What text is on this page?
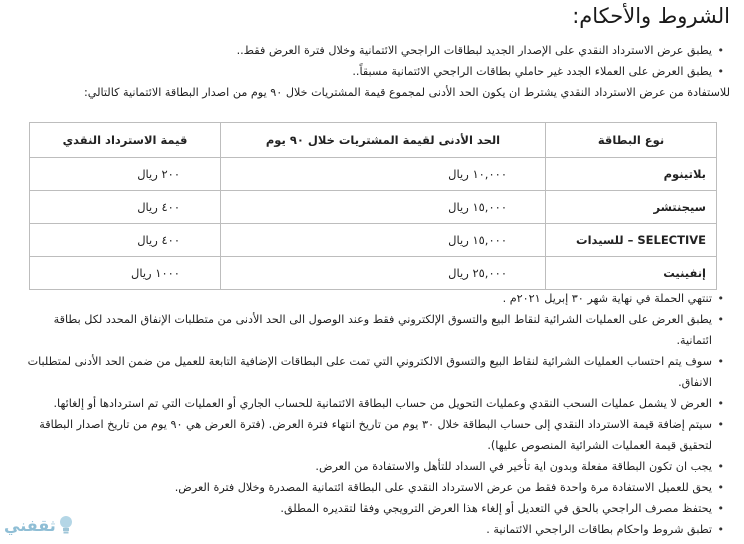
الشروط والأحكام:
• يطبق عرض الاسترداد النقدي على الإصدار الجديد لبطاقات الراجحي الائتمانية وخلال فترة العرض فقط..
• يطبق العرض على العملاء الجدد غير حاملي بطاقات الراجحي الائتمانية مسبقاً..
للاستفادة من عرض الاسترداد النقدي يشترط ان يكون الحد الأدنى لمجموع قيمة المشتريات خلال ٩٠ يوم من اصدار البطاقة الائتمانية كالتالي:
نوع البطاقة	الحد الأدنى لقيمة المشتريات خلال ٩٠ يوم	قيمة الاسترداد النقدي
بلاتينوم	١٠,٠٠٠ ريال	٢٠٠ ريال
سيجنتشر	١٥,٠٠٠ ريال	٤٠٠ ريال
SELECTIVE – للسيدات	١٥,٠٠٠ ريال	٤٠٠ ريال
إنفينيت	٢٥,٠٠٠ ريال	١٠٠٠ ريال
• تنتهي الحملة في نهاية شهر ٣٠ إبريل ٢٠٢١م .
• يطبق العرض على العمليات الشرائية لنقاط البيع والتسوق الإلكتروني فقط وعند الوصول الى الحد الأدنى من متطلبات الإنفاق المحدد لكل بطاقة ائتمانية.
• سوف يتم احتساب العمليات الشرائية لنقاط البيع والتسوق الالكتروني التي تمت على البطاقات الإضافية التابعة للعميل من ضمن الحد الأدنى لمتطلبات الانفاق.
• العرض لا يشمل عمليات السحب النقدي وعمليات التحويل من حساب البطاقة الائتمانية للحساب الجاري أو العمليات التي تم استردادها أو إلغائها.
• سيتم إضافة قيمة الاسترداد النقدي إلى حساب البطاقة خلال ٣٠ يوم من تاريخ انتهاء فترة العرض. (فترة العرض هي ٩٠ يوم من تاريخ اصدار البطاقة لتحقيق قيمة العمليات الشرائية المنصوص عليها).
• يجب ان تكون البطاقة مفعلة وبدون اية تأخير في السداد للتأهل والاستفادة من العرض.
• يحق للعميل الاستفادة مرة واحدة فقط من عرض الاسترداد النقدي على البطاقة ائتمانية المصدرة وخلال فترة العرض.
• يحتفظ مصرف الراجحي بالحق في التعديل أو إلغاء هذا العرض الترويجي وفقا لتقديره المطلق.
• تطبق شروط واحكام بطاقات الراجحي الائتمانية .
ثقفني
